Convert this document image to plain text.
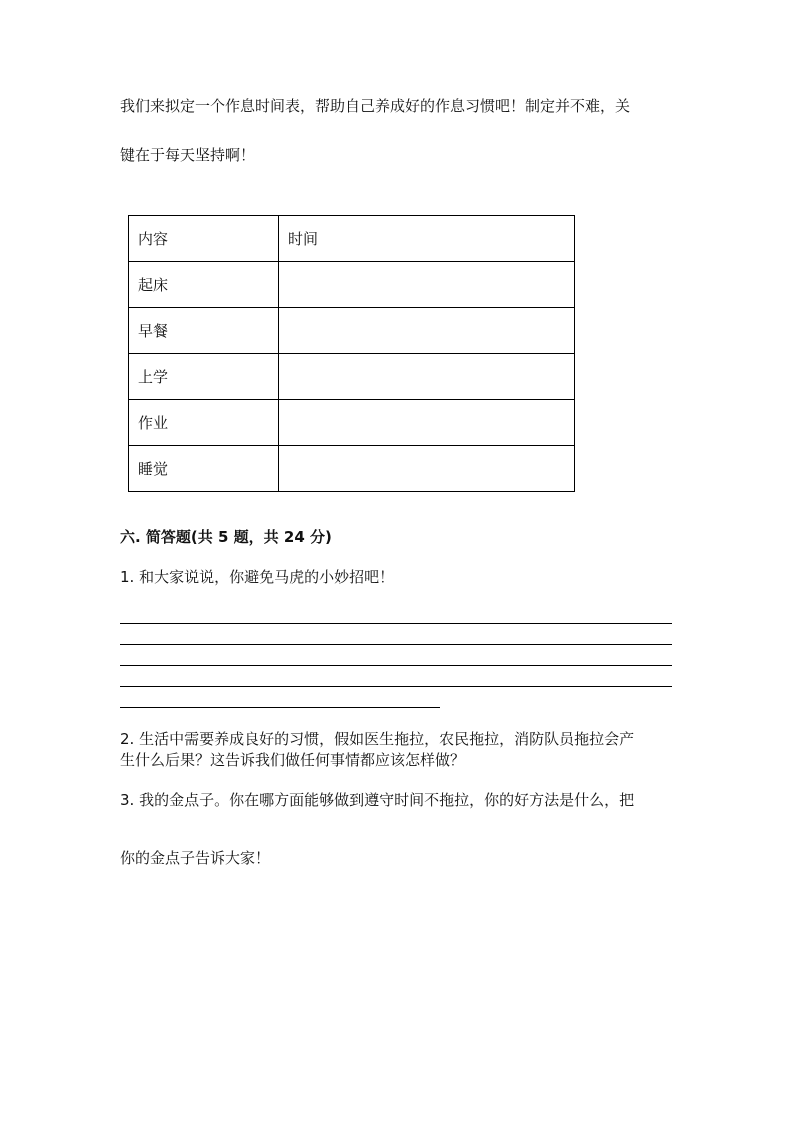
我们来拟定一个作息时间表，帮助自己养成好的作息习惯吧！制定并不难，关
键在于每天坚持啊！
内容	时间
起床	
早餐	
上学	
作业	
睡觉	
六. 简答题(共 5 题，共 24 分)
1. 和大家说说，你避免马虎的小妙招吧！
2. 生活中需要养成良好的习惯，假如医生拖拉，农民拖拉，消防队员拖拉会产
生什么后果？这告诉我们做任何事情都应该怎样做？
3. 我的金点子。你在哪方面能够做到遵守时间不拖拉，你的好方法是什么，把
你的金点子告诉大家！
